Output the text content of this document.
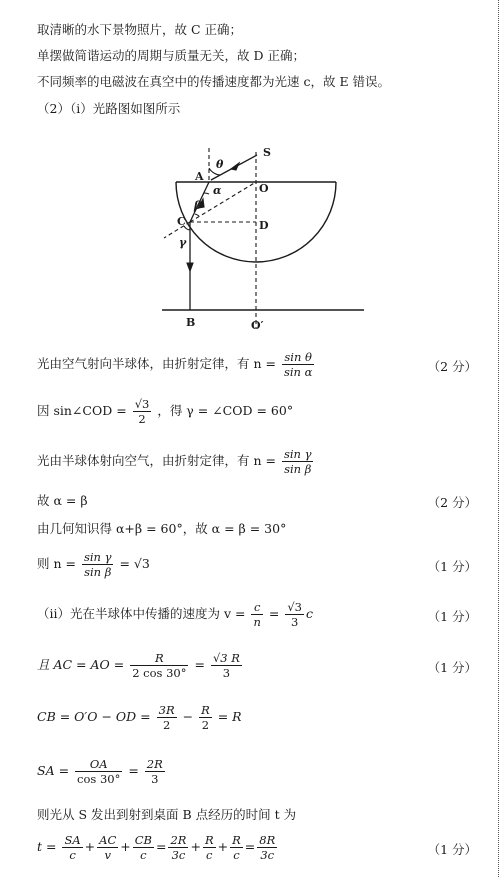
取清晰的水下景物照片，故 C 正确；
单摆做简谐运动的周期与质量无关，故 D 正确；
不同频率的电磁波在真空中的传播速度都为光速 c，故 E 错误。
（2）（ⅰ）光路图如图所示
S
O
A
C	D
B	O′
θ
α
β
γ
光由空气射向半球体，由折射定律，有 $n = \frac{\text{sin θ}}{\text{sin α}}$	（2 分）
因 sin∠COD = $\frac{√3}{2}$ ，得 γ = ∠COD = 60°
光由半球体射向空气，由折射定律，有 $n = \frac{\text{sin γ}}{\text{sin β}}$
故 α = β	（2 分）
由几何知识得 α+β = 60°，故 α = β = 30°
则 $n = \frac{\text{sin γ}}{\text{sin β}} = √3$	（1 分）
（ⅱ）光在半球体中传播的速度为 $v = \frac{c}{n} = \frac{√3}{3}$ c	（1 分）
且 AC = AO = $\frac{R}{2 \cos 30^\circ} = \frac{√3 R}{3}$	（1 分）
CB = O′O − OD = $\frac{3R}{2} - \frac{R}{2} = R$
SA = $\frac{OA}{\cos 30^\circ} = \frac{2R}{3}$
则光从 S 发出到射到桌面 B 点经历的时间 t 为
$t = \frac{SA}{c} + \frac{AC}{v} + \frac{CB}{c} = \frac{2R}{3c} + \frac{R}{c} + \frac{R}{c} = \frac{8R}{3c}$	（1 分）
